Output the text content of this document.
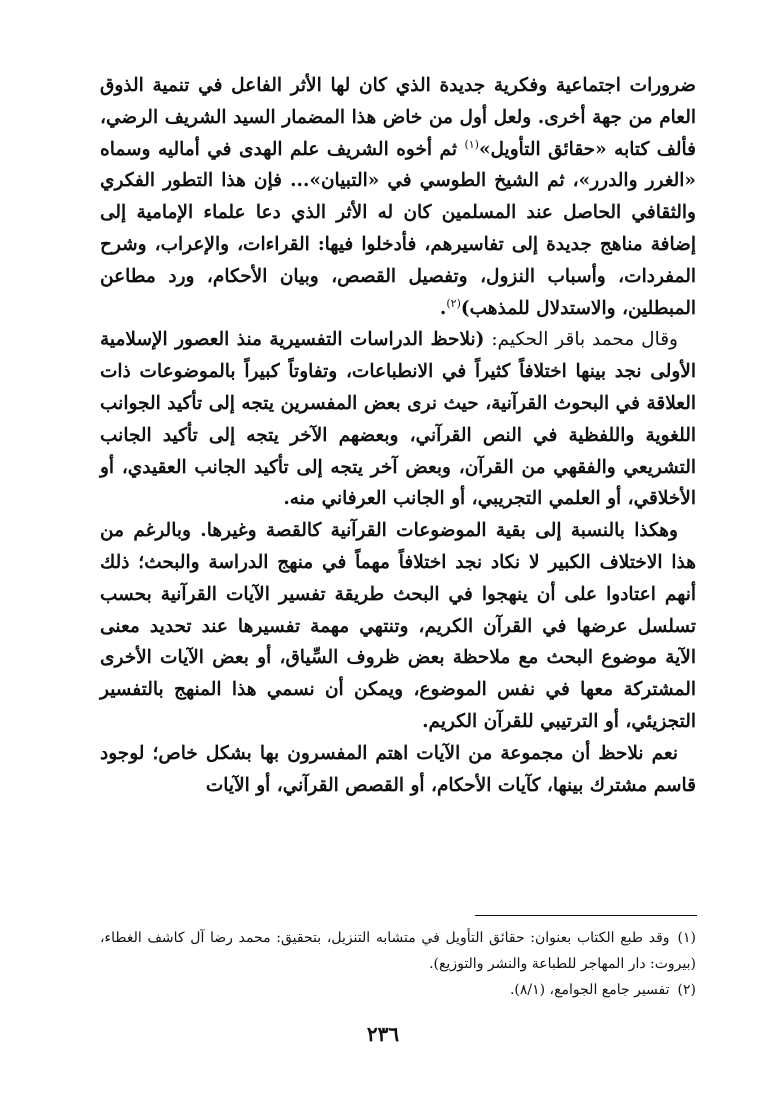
ضرورات اجتماعية وفكرية جديدة الذي كان لها الأثر الفاعل في تنمية الذوق العام من جهة أخرى. ولعل أول من خاض هذا المضمار السيد الشريف الرضي، فألف كتابه «حقائق التأويل»$^{(١)}$ ثم أخوه الشريف علم الهدى في أماليه وسماه «الغرر والدرر»، ثم الشيخ الطوسي في «التبيان»... فإن هذا التطور الفكري والثقافي الحاصل عند المسلمين كان له الأثر الذي دعا علماء الإمامية إلى إضافة مناهج جديدة إلى تفاسيرهم، فأدخلوا فيها: القراءات، والإعراب، وشرح المفردات، وأسباب النزول، وتفصيل القصص، وبيان الأحكام، ورد مطاعن المبطلين، والاستدلال للمذهب)$^{(٢)}$.

وقال محمد باقر الحكيم: (نلاحظ الدراسات التفسيرية منذ العصور الإسلامية الأولى نجد بينها اختلافاً كثيراً في الانطباعات، وتفاوتاً كبيراً بالموضوعات ذات العلاقة في البحوث القرآنية، حيث نرى بعض المفسرين يتجه إلى تأكيد الجوانب اللغوية واللفظية في النص القرآني، وبعضهم الآخر يتجه إلى تأكيد الجانب التشريعي والفقهي من القرآن، وبعض آخر يتجه إلى تأكيد الجانب العقيدي، أو الأخلاقي، أو العلمي التجريبي، أو الجانب العرفاني منه.

وهكذا بالنسبة إلى بقية الموضوعات القرآنية كالقصة وغيرها. وبالرغم من هذا الاختلاف الكبير لا نكاد نجد اختلافاً مهماً في منهج الدراسة والبحث؛ ذلك أنهم اعتادوا على أن ينهجوا في البحث طريقة تفسير الآيات القرآنية بحسب تسلسل عرضها في القرآن الكريم، وتنتهي مهمة تفسيرها عند تحديد معنى الآية موضوع البحث مع ملاحظة بعض ظروف السِّياق، أو بعض الآيات الأخرى المشتركة معها في نفس الموضوع، ويمكن أن نسمي هذا المنهج بالتفسير التجزيئي، أو الترتيبي للقرآن الكريم.

نعم نلاحظ أن مجموعة من الآيات اهتم المفسرون بها بشكل خاص؛ لوجود قاسم مشترك بينها، كآيات الأحكام، أو القصص القرآني، أو الآيات

(١)وقد طبع الكتاب بعنوان: حقائق التأويل في متشابه التنزيل، بتحقيق: محمد رضا آل كاشف الغطاء، (بيروت: دار المهاجر للطباعة والنشر والتوزيع).

(٢)تفسير جامع الجوامع، (٨/١).

٢٣٦
